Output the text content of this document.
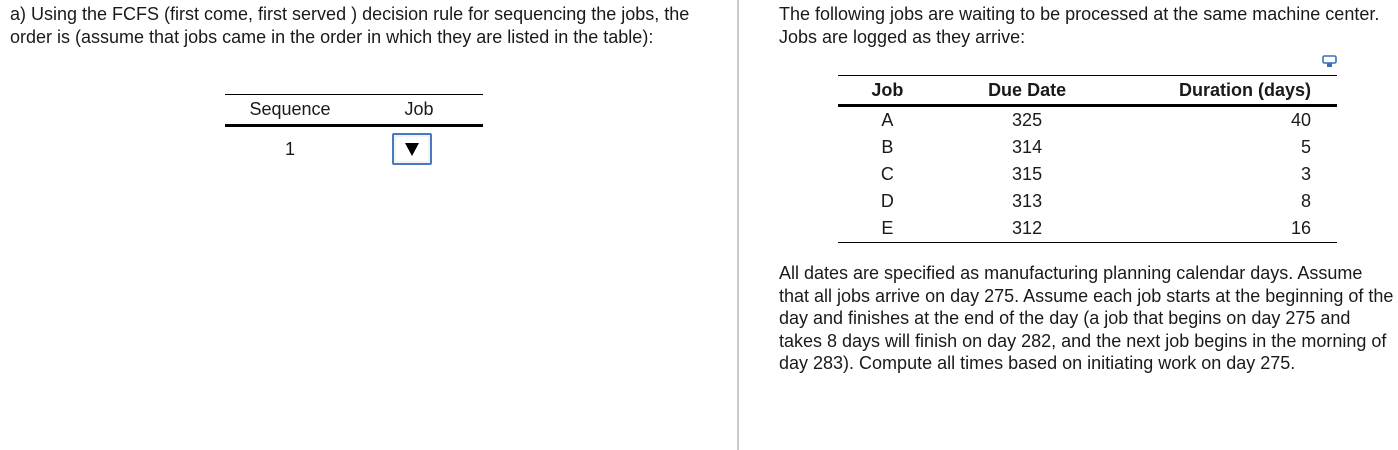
a) Using the FCFS (first come, first served ) decision rule for sequencing the jobs, the order is (assume that jobs came in the order in which they are listed in the table):

Sequence	Job
1

The following jobs are waiting to be processed at the same machine center. Jobs are logged as they arrive:

Job	Due Date	Duration (days)
A	325	40
B	314	5
C	315	3
D	313	8
E	312	16

All dates are specified as manufacturing planning calendar days. Assume that all jobs arrive on day 275. Assume each job starts at the beginning of the day and finishes at the end of the day (a job that begins on day 275 and takes 8 days will finish on day 282, and the next job begins in the morning of day 283). Compute all times based on initiating work on day 275.
